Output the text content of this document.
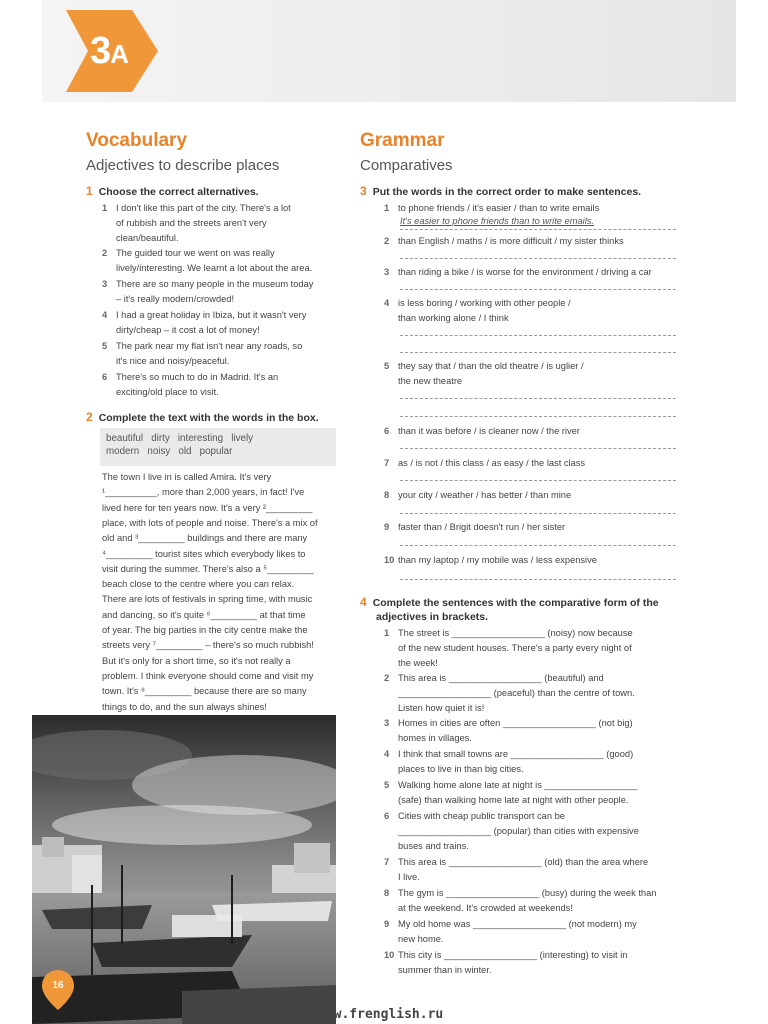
3A
Vocabulary
Adjectives to describe places
1 Choose the correct alternatives.
1 I don't like this part of the city. There's a lot
of rubbish and the streets aren't very
clean/beautiful.
2 The guided tour we went on was really
lively/interesting. We learnt a lot about the area.
3 There are so many people in the museum today
– it's really modern/crowded!
4 I had a great holiday in Ibiza, but it wasn't very
dirty/cheap – it cost a lot of money!
5 The park near my flat isn't near any roads, so
it's nice and noisy/peaceful.
6 There's so much to do in Madrid. It's an
exciting/old place to visit.
2 Complete the text with the words in the box.
beautiful   dirty   interesting   lively
modern   noisy   old   popular
The town I live in is called Amira. It's very
¹__________, more than 2,000 years, in fact! I've
lived here for ten years now. It's a very ²_________
place, with lots of people and noise. There's a mix of
old and ³_________ buildings and there are many
⁴_________ tourist sites which everybody likes to
visit during the summer. There's also a ⁵_________
beach close to the centre where you can relax.
There are lots of festivals in spring time, with music
and dancing, so it's quite ⁶_________ at that time
of year. The big parties in the city centre make the
streets very ⁷_________ – there's so much rubbish!
But it's only for a short time, so it's not really a
problem. I think everyone should come and visit my
town. It's ⁸_________ because there are so many
things to do, and the sun always shines!
16
Grammar
Comparatives
3 Put the words in the correct order to make sentences.
1 to phone friends / it's easier / than to write emails
It's easier to phone friends than to write emails.
2 than English / maths / is more difficult / my sister thinks
3 than riding a bike / is worse for the environment / driving a car
4 is less boring / working with other people /
than working alone / I think
5 they say that / than the old theatre / is uglier /
the new theatre
6 than it was before / is cleaner now / the river
7 as / is not / this class / as easy / the last class
8 your city / weather / has better / than mine
9 faster than / Brigit doesn't run / her sister
10 than my laptop / my mobile was / less expensive
4 Complete the sentences with the comparative form of the
adjectives in brackets.
1 The street is __________________ (noisy) now because
of the new student houses. There's a party every night of
the week!
2 This area is __________________ (beautiful) and
__________________ (peaceful) than the centre of town.
Listen how quiet it is!
3 Homes in cities are often __________________ (not big)
homes in villages.
4 I think that small towns are __________________ (good)
places to live in than big cities.
5 Walking home alone late at night is __________________
(safe) than walking home late at night with other people.
6 Cities with cheap public transport can be
__________________ (popular) than cities with expensive
buses and trains.
7 This area is __________________ (old) than the area where
I live.
8 The gym is __________________ (busy) during the week than
at the weekend. It's crowded at weekends!
9 My old home was __________________ (not modern) my
new home.
10 This city is __________________ (interesting) to visit in
summer than in winter.
www.frenglish.ru
